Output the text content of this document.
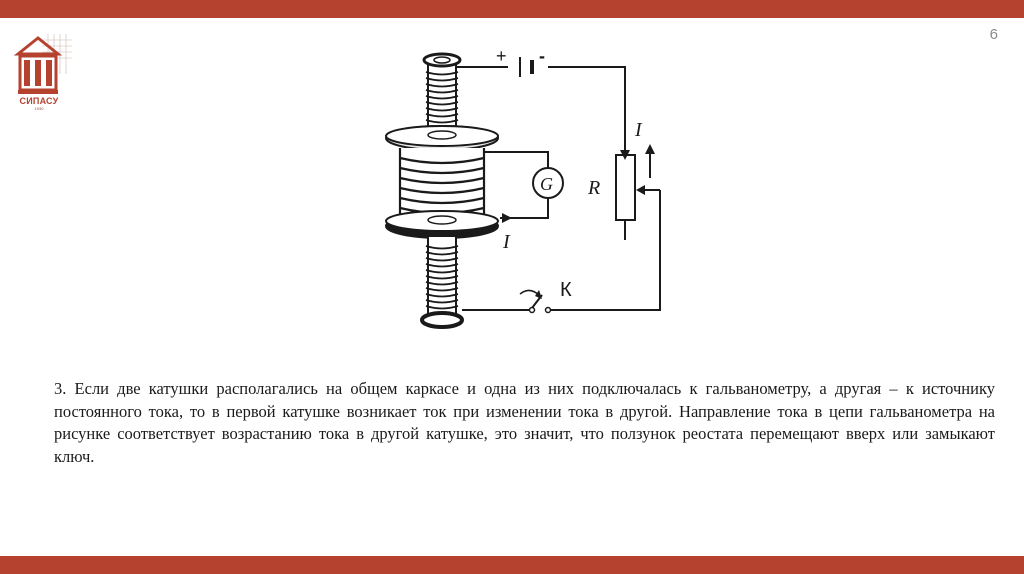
6
СИПАСУ
1930
+ -
R
I
G
I
К
3. Если две катушки располагались на общем каркасе и одна из них подключалась к гальванометру, а другая – к источнику постоянного тока, то в первой катушке возникает ток при изменении тока в другой. Направление тока в цепи гальванометра на рисунке соответствует возрастанию тока в другой катушке, это значит, что ползунок реостата перемещают вверх или замыкают ключ.
